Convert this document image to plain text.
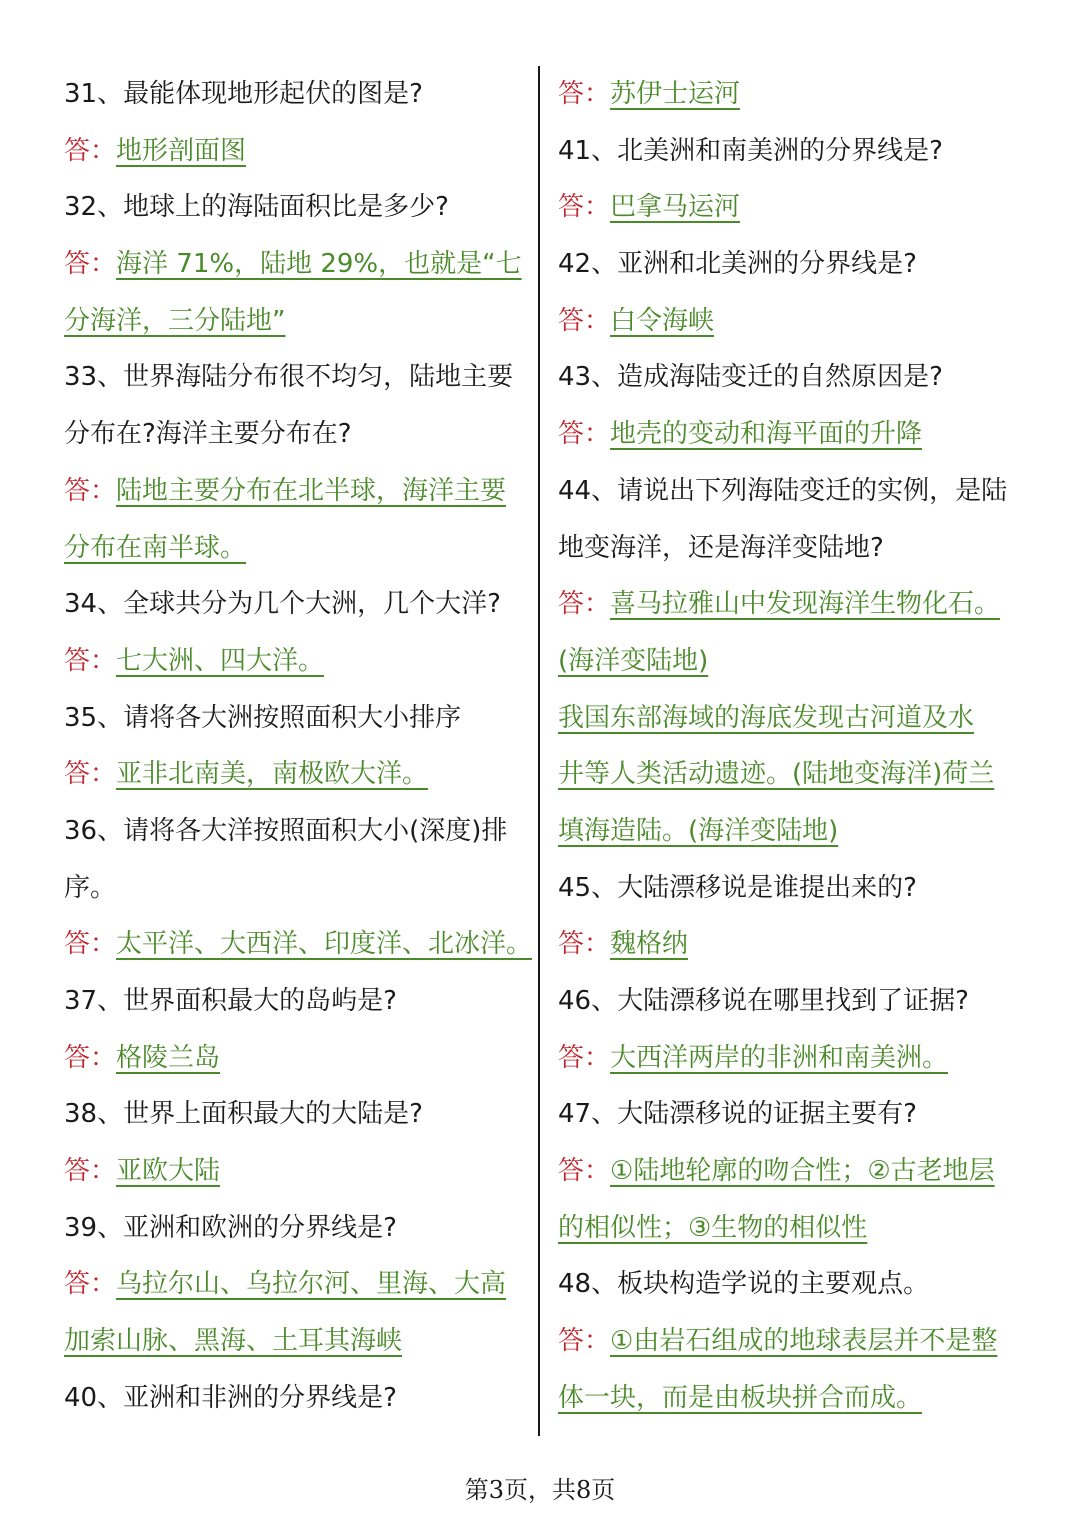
31、最能体现地形起伏的图是?
答：地形剖面图
32、地球上的海陆面积比是多少?
答：海洋 71%，陆地 29%，也就是“七
分海洋，三分陆地”
33、世界海陆分布很不均匀，陆地主要
分布在?海洋主要分布在?
答：陆地主要分布在北半球，海洋主要
分布在南半球。
34、全球共分为几个大洲，几个大洋?
答：七大洲、四大洋。
35、请将各大洲按照面积大小排序
答：亚非北南美，南极欧大洋。
36、请将各大洋按照面积大小(深度)排
序。
答：太平洋、大西洋、印度洋、北冰洋。
37、世界面积最大的岛屿是?
答：格陵兰岛
38、世界上面积最大的大陆是?
答：亚欧大陆
39、亚洲和欧洲的分界线是?
答：乌拉尔山、乌拉尔河、里海、大高
加索山脉、黑海、土耳其海峡
40、亚洲和非洲的分界线是?
答：苏伊士运河
41、北美洲和南美洲的分界线是?
答：巴拿马运河
42、亚洲和北美洲的分界线是?
答：白令海峡
43、造成海陆变迁的自然原因是?
答：地壳的变动和海平面的升降
44、请说出下列海陆变迁的实例，是陆
地变海洋，还是海洋变陆地?
答：喜马拉雅山中发现海洋生物化石。
(海洋变陆地)
我国东部海域的海底发现古河道及水
井等人类活动遗迹。(陆地变海洋)荷兰
填海造陆。(海洋变陆地)
45、大陆漂移说是谁提出来的?
答：魏格纳
46、大陆漂移说在哪里找到了证据?
答：大西洋两岸的非洲和南美洲。
47、大陆漂移说的证据主要有?
答：①陆地轮廓的吻合性；②古老地层
的相似性；③生物的相似性
48、板块构造学说的主要观点。
答：①由岩石组成的地球表层并不是整
体一块，而是由板块拼合而成。
第3页，共8页
